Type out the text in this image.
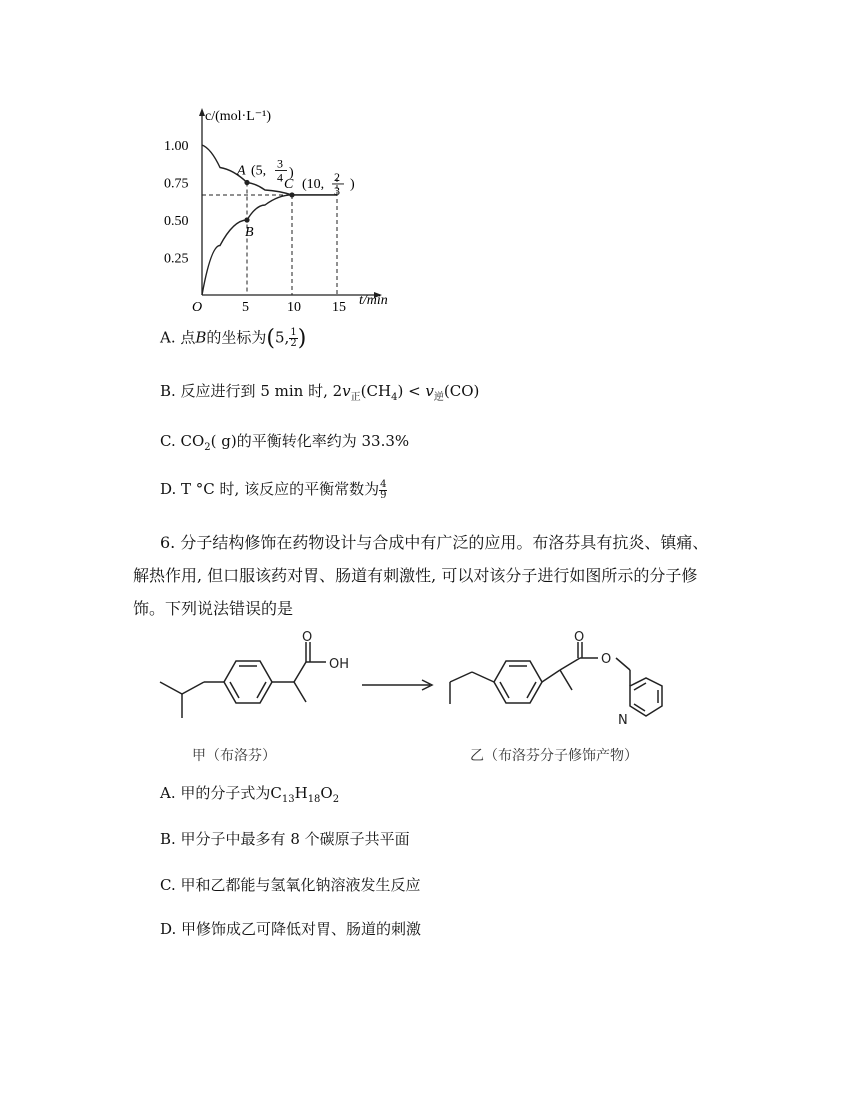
c/(mol·L⁻¹)
t/min
O
0.25
0.50
0.75
1.00
5	10 15
A (5, 3
4 )
B
C (10, 2
3 )
A. 点B的坐标为(5, $\frac{1}{2}$ )
B. 反应进行到 5 min 时, $2v_正(CH_4) < v_逆(CO)$
C. $CO_2$( g)的平衡转化率约为 33.3%
D. T °C 时, 该反应的平衡常数为 $\frac{4}{9}$
6. 分子结构修饰在药物设计与合成中有广泛的应用。布洛芬具有抗炎、镇痛、
解热作用, 但口服该药对胃、肠道有刺激性, 可以对该分子进行如图所示的分子修
饰。下列说法错误的是
OH
O	O
O
N
甲（布洛芬）	乙（布洛芬分子修饰产物）
A. 甲的分子式为$C_{13}H_{18}O_2$
B. 甲分子中最多有 8 个碳原子共平面
C. 甲和乙都能与氢氧化钠溶液发生反应
D. 甲修饰成乙可降低对胃、肠道的刺激
